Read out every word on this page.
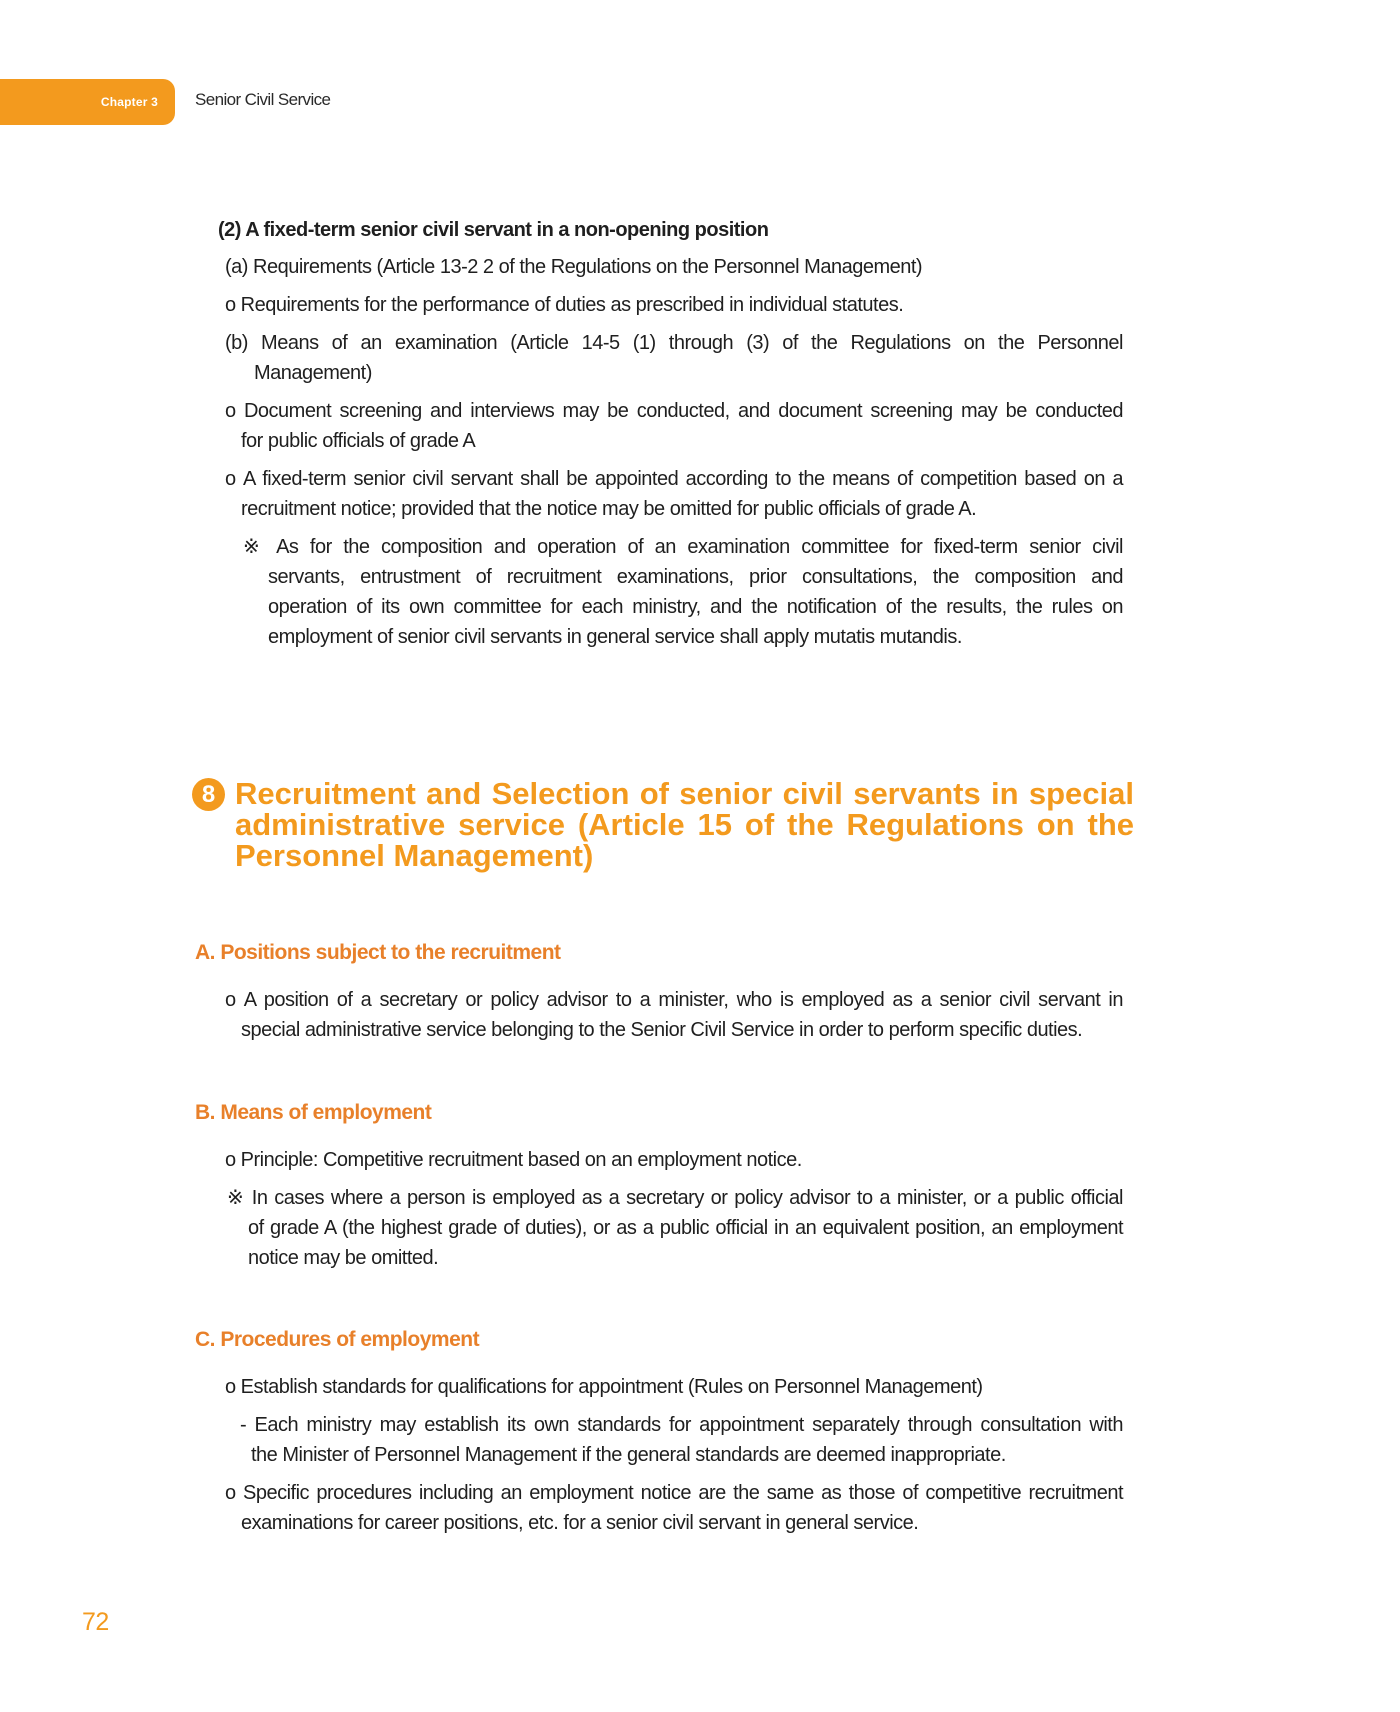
Chapter 3 Senior Civil Service
(2) A fixed-term senior civil servant in a non-opening position
(a) Requirements (Article 13-2 2 of the Regulations on the Personnel Management)
ο Requirements for the performance of duties as prescribed in individual statutes.
(b) Means of an examination (Article 14-5 (1) through (3) of the Regulations on the Personnel
Management)
ο Document screening and interviews may be conducted, and document screening may be conducted
for public officials of grade A
ο A fixed-term senior civil servant shall be appointed according to the means of competition based on a
recruitment notice; provided that the notice may be omitted for public officials of grade A.
※ As for the composition and operation of an examination committee for fixed-term senior civil
servants, entrustment of recruitment examinations, prior consultations, the composition and
operation of its own committee for each ministry, and the notification of the results, the rules on
employment of senior civil servants in general service shall apply mutatis mutandis.
8 Recruitment and Selection of senior civil servants in special
administrative service (Article 15 of the Regulations on the
Personnel Management)
A. Positions subject to the recruitment
ο A position of a secretary or policy advisor to a minister, who is employed as a senior civil servant in
special administrative service belonging to the Senior Civil Service in order to perform specific duties.
B. Means of employment
ο Principle: Competitive recruitment based on an employment notice.
※ In cases where a person is employed as a secretary or policy advisor to a minister, or a public official
of grade A (the highest grade of duties), or as a public official in an equivalent position, an employment
notice may be omitted.
C. Procedures of employment
ο Establish standards for qualifications for appointment (Rules on Personnel Management)
- Each ministry may establish its own standards for appointment separately through consultation with
the Minister of Personnel Management if the general standards are deemed inappropriate.
ο Specific procedures including an employment notice are the same as those of competitive recruitment
examinations for career positions, etc. for a senior civil servant in general service.
72
